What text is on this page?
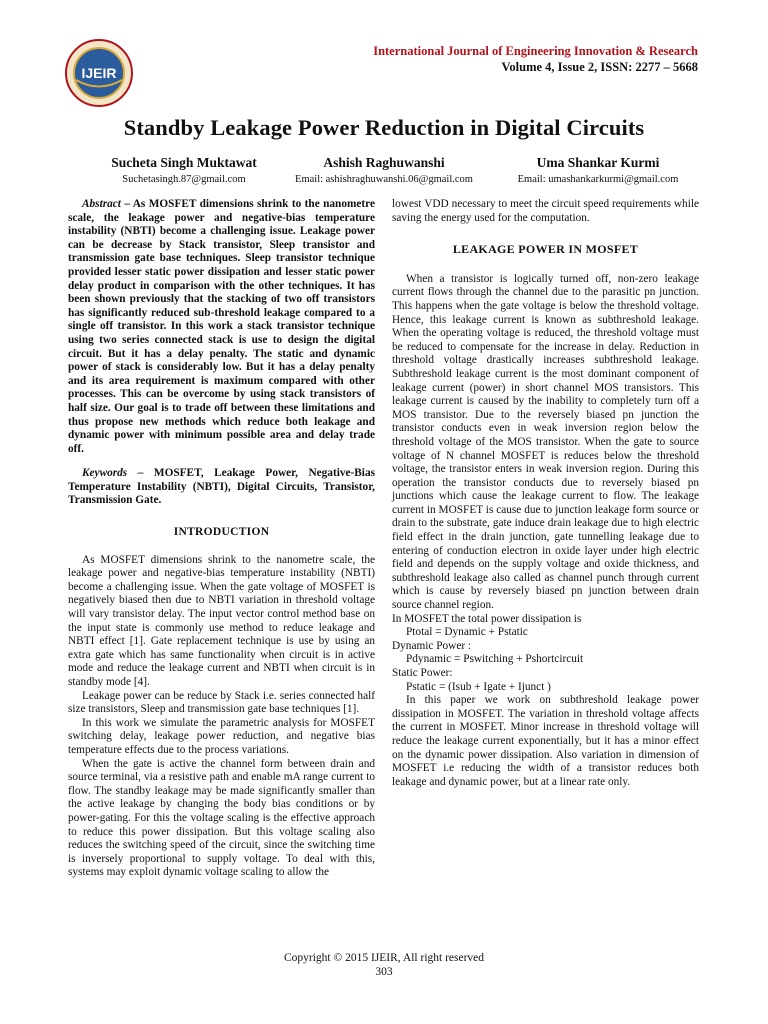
IJEIR
International Journal of Engineering Innovation & Research
Volume 4, Issue 2, ISSN: 2277 – 5668
Standby Leakage Power Reduction in Digital Circuits
Sucheta Singh Muktawat
Suchetasingh.87@gmail.com
Ashish Raghuwanshi
Email: ashishraghuwanshi.06@gmail.com
Uma Shankar Kurmi
Email: umashankarkurmi@gmail.com

Abstract – As MOSFET dimensions shrink to the nanometre scale, the leakage power and negative-bias temperature instability (NBTI) become a challenging issue. Leakage power can be decrease by Stack transistor, Sleep transistor and transmission gate base techniques. Sleep transistor technique provided lesser static power dissipation and lesser static power delay product in comparison with the other techniques. It has been shown previously that the stacking of two off transistors has significantly reduced sub-threshold leakage compared to a single off transistor. In this work a stack transistor technique using two series connected stack is use to design the digital circuit. But it has a delay penalty. The static and dynamic power of stack is considerably low. But it has a delay penalty and its area requirement is maximum compared with other processes. This can be overcome by using stack transistors of half size. Our goal is to trade off between these limitations and thus propose new methods which reduce both leakage and dynamic power with minimum possible area and delay trade off.

Keywords – MOSFET, Leakage Power, Negative-Bias Temperature Instability (NBTI), Digital Circuits, Transistor, Transmission Gate.

INTRODUCTION

As MOSFET dimensions shrink to the nanometre scale, the leakage power and negative-bias temperature instability (NBTI) become a challenging issue. When the gate voltage of MOSFET is negatively biased then due to NBTI variation in threshold voltage will vary transistor delay. The input vector control method base on the input state is commonly use method to reduce leakage and NBTI effect [1]. Gate replacement technique is use by using an extra gate which has same functionality when circuit is in active mode and reduce the leakage current and NBTI when circuit is in standby mode [4].

Leakage power can be reduce by Stack i.e. series connected half size transistors, Sleep and transmission gate base techniques [1].

In this work we simulate the parametric analysis for MOSFET switching delay, leakage power reduction, and negative bias temperature effects due to the process variations.

When the gate is active the channel form between drain and source terminal, via a resistive path and enable mA range current to flow. The standby leakage may be made significantly smaller than the active leakage by changing the body bias conditions or by power-gating. For this the voltage scaling is the effective approach to reduce this power dissipation. But this voltage scaling also reduces the switching speed of the circuit, since the switching time is inversely proportional to supply voltage. To deal with this, systems may exploit dynamic voltage scaling to allow the

lowest VDD necessary to meet the circuit speed requirements while saving the energy used for the computation.

LEAKAGE POWER IN MOSFET

When a transistor is logically turned off, non-zero leakage current flows through the channel due to the parasitic pn junction. This happens when the gate voltage is below the threshold voltage. Hence, this leakage current is known as subthreshold leakage. When the operating voltage is reduced, the threshold voltage must be reduced to compensate for the increase in delay. Reduction in threshold voltage drastically increases subthreshold leakage. Subthreshold leakage current is the most dominant component of leakage current (power) in short channel MOS transistors. This leakage current is caused by the inability to completely turn off a MOS transistor. Due to the reversely biased pn junction the transistor conducts even in weak inversion region below the threshold voltage of the MOS transistor. When the gate to source voltage of N channel MOSFET is reduces below the threshold voltage, the transistor enters in weak inversion region. During this operation the transistor conducts due to reversely biased pn junctions which cause the leakage current to flow. The leakage current in MOSFET is cause due to junction leakage form source or drain to the substrate, gate induce drain leakage due to high electric field effect in the drain junction, gate tunnelling leakage due to entering of conduction electron in oxide layer under high electric field and depends on the supply voltage and oxide thickness, and subthreshold leakage also called as channel punch through current which is cause by reversely biased pn junction between drain source channel region.

In MOSFET the total power dissipation is

Ptotal = Dynamic + Pstatic

Dynamic Power :

Pdynamic = Pswitching + Pshortcircuit

Static Power:

Pstatic = (Isub + Igate + Ijunct )

In this paper we work on subthreshold leakage power dissipation in MOSFET. The variation in threshold voltage affects the current in MOSFET. Minor increase in threshold voltage will reduce the leakage current exponentially, but it has a minor effect on the dynamic power dissipation. Also variation in dimension of MOSFET i.e reducing the width of a transistor reduces both leakage and dynamic power, but at a linear rate only.

Copyright © 2015 IJEIR, All right reserved
303
